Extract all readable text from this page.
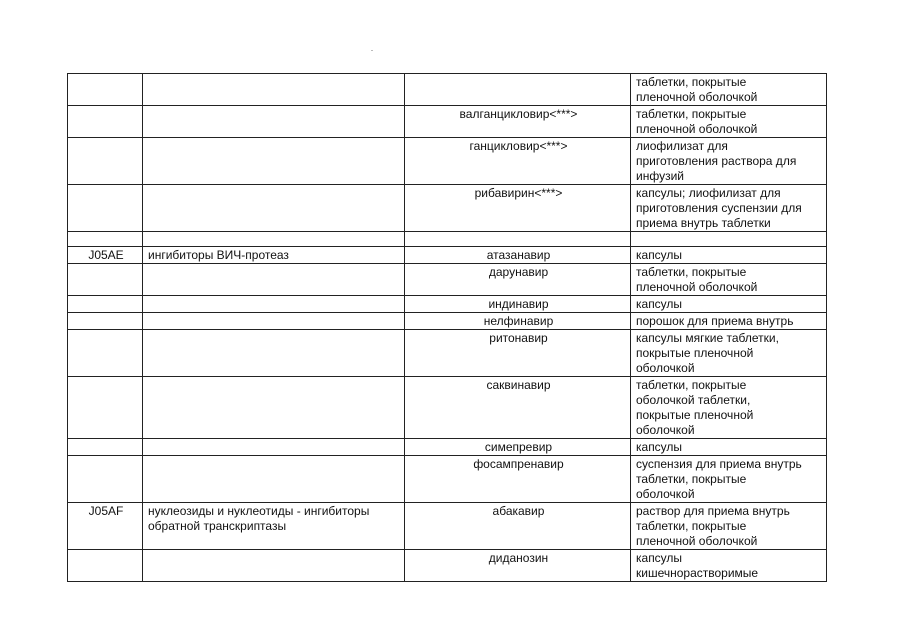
			таблетки, покрытые
пленочной оболочкой
		валганцикловир<***>	таблетки, покрытые
пленочной оболочкой
		ганцикловир<***>	лиофилизат для
приготовления раствора для
инфузий
		рибавирин<***>	капсулы; лиофилизат для
приготовления суспензии для
приема внутрь таблетки

J05AE	ингибиторы ВИЧ-протеаз	атазанавир	капсулы
		дарунавир	таблетки, покрытые
пленочной оболочкой
		индинавир	капсулы
		нелфинавир	порошок для приема внутрь
		ритонавир	капсулы мягкие таблетки,
покрытые пленочной
оболочкой
		саквинавир	таблетки, покрытые
оболочкой таблетки,
покрытые пленочной
оболочкой
		симепревир	капсулы
		фосампренавир	суспензия для приема внутрь
таблетки, покрытые
оболочкой
J05AF	нуклеозиды и нуклеотиды - ингибиторы
обратной транскриптазы	абакавир	раствор для приема внутрь
таблетки, покрытые
пленочной оболочкой
		диданозин	капсулы
кишечнорастворимые
